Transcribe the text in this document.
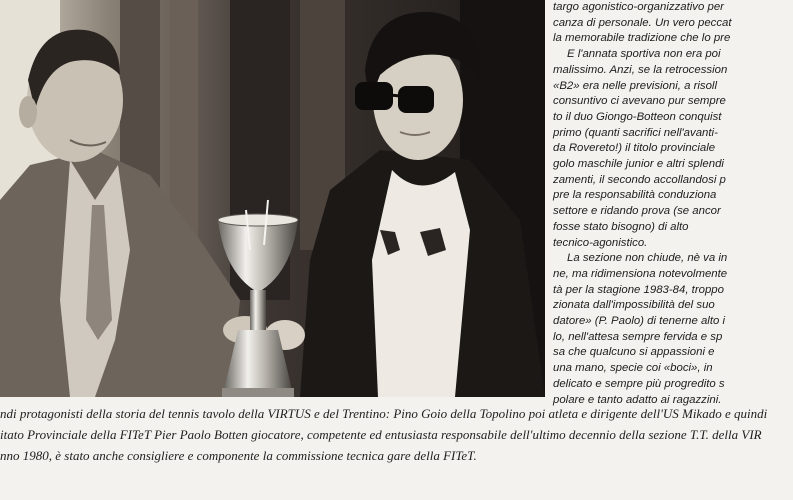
targo agonistico-organizzativo per
canza di personale. Un vero peccat
la memorabile tradizione che lo pre
E l'annata sportiva non era poi
malissimo. Anzi, se la retrocession
«B2» era nelle previsioni, a risoll
consuntivo ci avevano pur sempre
to il duo Giongo-Botteon conquist
primo (quanti sacrifici nell'avanti-
da Rovereto!) il titolo provinciale
golo maschile junior e altri splendi
zamenti, il secondo accollandosi p
pre la responsabilità conduziona
settore e ridando prova (se ancor
fosse stato bisogno) di alto
tecnico-agonistico.
La sezione non chiude, nè va in
ne, ma ridimensiona notevolmente
tà per la stagione 1983-84, troppo
zionata dall'impossibilità del suo
datore» (P. Paolo) di tenerne alto i
lo, nell'attesa sempre fervida e sp
sa che qualcuno si appassioni e
una mano, specie coi «boci», in
delicato e sempre più progredito s
polare e tanto adatto ai ragazzini.
ndi protagonisti della storia del tennis tavolo della VIRTUS e del Trentino: Pino Goio della Topolino poi atleta e dirigente dell'US Mikado e quindi
itato Provinciale della FITeT Pier Paolo Botten giocatore, competente ed entusiasta responsabile dell'ultimo decennio della sezione T.T. della VIR
nno 1980, è stato anche consigliere e componente la commissione tecnica gare della FITeT.
